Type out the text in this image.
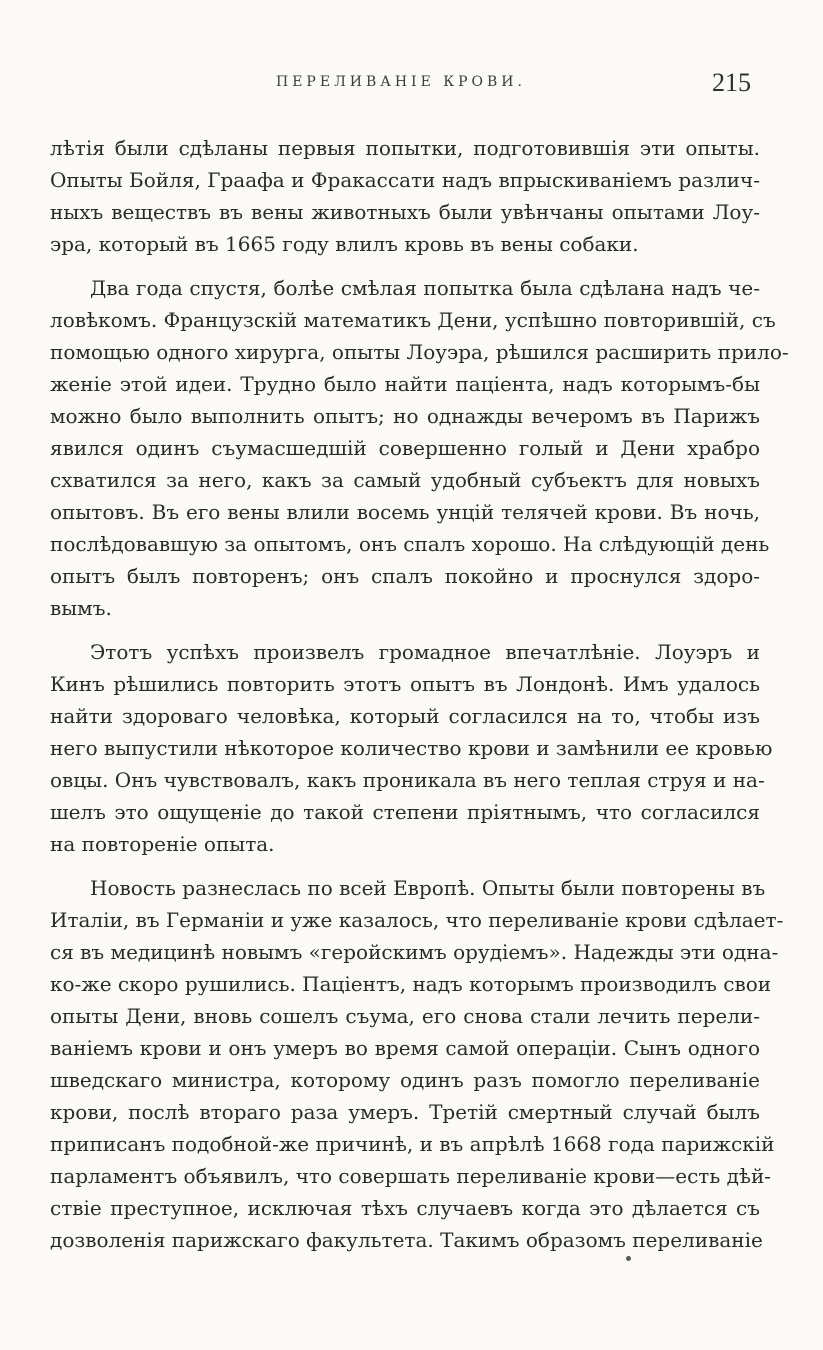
ПЕРЕЛИВАНІЕ КРОВИ.	215
лѣтія были сдѣланы первыя попытки, подготовившія эти опыты.
Опыты Бойля, Граафа и Фракассати надъ впрыскиваніемъ различ-
ныхъ веществъ въ вены животныхъ были увѣнчаны опытами Лоу-
эра, который въ 1665 году влилъ кровь въ вены собаки.
Два года спустя, болѣе смѣлая попытка была сдѣлана надъ че-
ловѣкомъ. Французскій математикъ Дени, успѣшно повторившій, съ
помощью одного хирурга, опыты Лоуэра, рѣшился расширить прило-
женіе этой идеи. Трудно было найти паціента, надъ которымъ-бы
можно было выполнить опытъ; но однажды вечеромъ въ Парижъ
явился одинъ съумасшедшій совершенно голый и Дени храбро
схватился за него, какъ за самый удобный субъектъ для новыхъ
опытовъ. Въ его вены влили восемь унцій телячей крови. Въ ночь,
послѣдовавшую за опытомъ, онъ спалъ хорошо. На слѣдующій день
опытъ былъ повторенъ; онъ спалъ покойно и проснулся здоро-
вымъ.
Этотъ успѣхъ произвелъ громадное впечатлѣніе. Лоуэръ и
Кинъ рѣшились повторить этотъ опытъ въ Лондонѣ. Имъ удалось
найти здороваго человѣка, который согласился на то, чтобы изъ
него выпустили нѣкоторое количество крови и замѣнили ее кровью
овцы. Онъ чувствовалъ, какъ проникала въ него теплая струя и на-
шелъ это ощущеніе до такой степени пріятнымъ, что согласился
на повтореніе опыта.
Новость разнеслась по всей Европѣ. Опыты были повторены въ
Италіи, въ Германіи и уже казалось, что переливаніе крови сдѣлает-
ся въ медицинѣ новымъ «геройскимъ орудіемъ». Надежды эти одна-
ко-же скоро рушились. Паціентъ, надъ которымъ производилъ свои
опыты Дени, вновь сошелъ съума, его снова стали лечить перели-
ваніемъ крови и онъ умеръ во время самой операціи. Сынъ одного
шведскаго министра, которому одинъ разъ помогло переливаніе
крови, послѣ втораго раза умеръ. Третій смертный случай былъ
приписанъ подобной-же причинѣ, и въ апрѣлѣ 1668 года парижскій
парламентъ объявилъ, что совершать переливаніе крови—есть дѣй-
ствіе преступное, исключая тѣхъ случаевъ когда это дѣлается съ
дозволенія парижскаго факультета. Такимъ образомъ переливаніе
